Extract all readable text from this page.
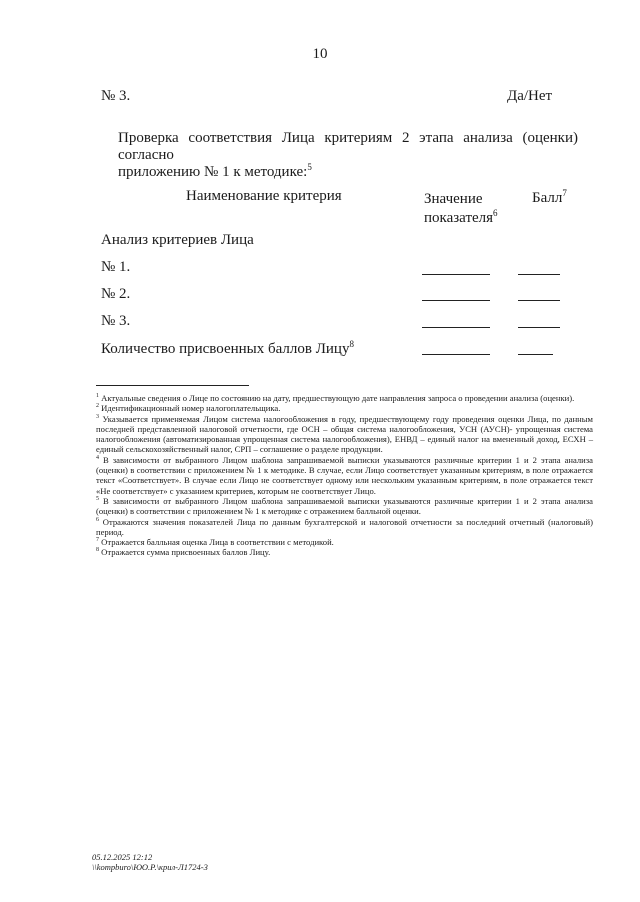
10
№ 3.	Да/Нет
Проверка соответствия Лица критериям 2 этапа анализа (оценки) согласно
приложению № 1 к методике:$^5$
Наименование критерия	Значение
показателя$^6$
Балл$^7$
Анализ критериев Лица
№ 1.
№ 2.
№ 3.
Количество присвоенных баллов Лицу$^8$

$^1$ Актуальные сведения о Лице по состоянию на дату, предшествующую дате направления запроса о проведении анализа (оценки).

$^2$ Идентификационный номер налогоплательщика.

$^3$ Указывается применяемая Лицом система налогообложения в году, предшествующему году проведения оценки Лица, по данным последней представленной налоговой отчетности, где ОСН – общая система налогообложения, УСН (АУСН)- упрощенная система налогообложения (автоматизированная упрощенная система налогообложения), ЕНВД – единый налог на вмененный доход, ЕСХН – единый сельскохозяйственный налог, СРП – соглашение о разделе продукции.

$^4$ В зависимости от выбранного Лицом шаблона запрашиваемой выписки указываются различные критерии 1 и 2 этапа анализа (оценки) в соответствии с приложением № 1 к методике. В случае, если Лицо соответствует указанным критериям, в поле отражается текст «Соответствует». В случае если Лицо не соответствует одному или нескольким указанным критериям, в поле отражается текст «Не соответствует» с указанием критериев, которым не соответствует Лицо.

$^5$ В зависимости от выбранного Лицом шаблона запрашиваемой выписки указываются различные критерии 1 и 2 этапа анализа (оценки) в соответствии с приложением № 1 к методике с отражением балльной оценки.

$^6$ Отражаются значения показателей Лица по данным бухгалтерской и налоговой отчетности за последний отчетный (налоговый) период.

$^7$ Отражается балльная оценка Лица в соответствии с методикой.

$^8$ Отражается сумма присвоенных баллов Лицу.

05.12.2025 12:12
\\kompburo\ЮО.Р.\крил-Л1724-3
